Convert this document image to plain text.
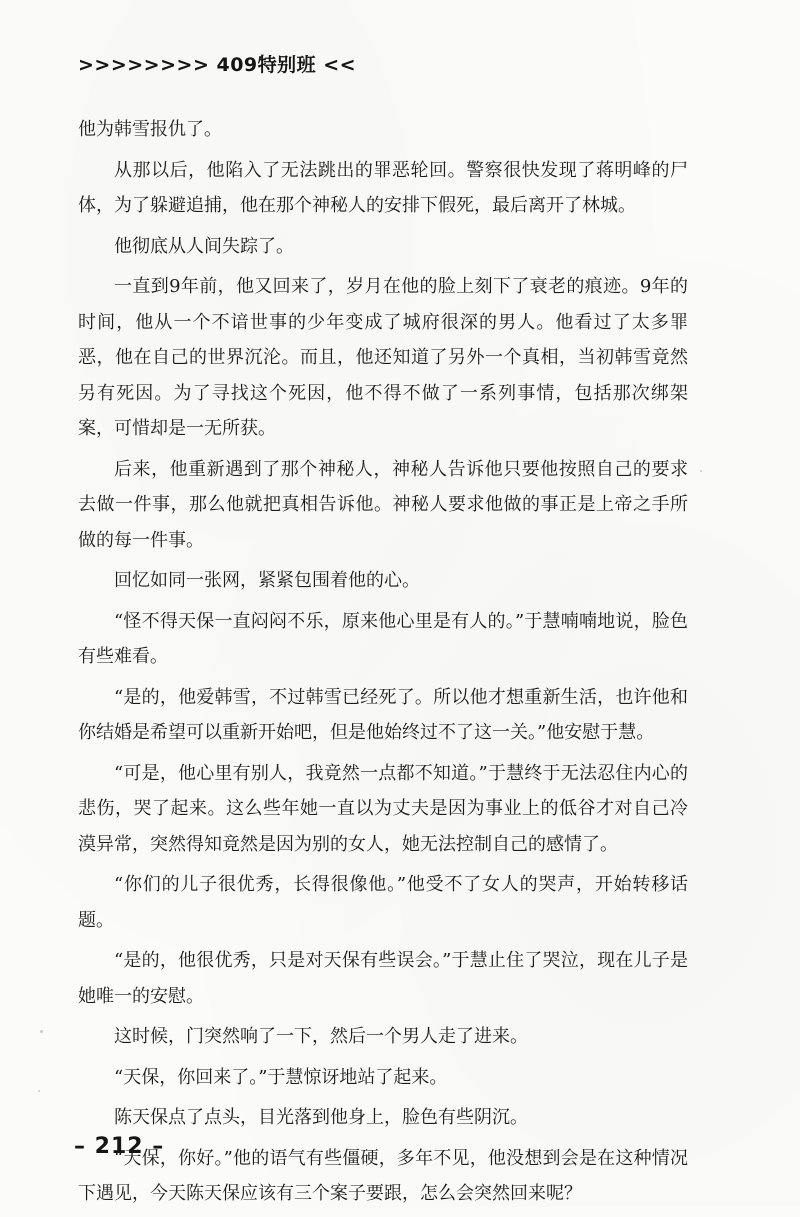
>>>>>>>> 409特别班 <<

他为韩雪报仇了。

从那以后，他陷入了无法跳出的罪恶轮回。警察很快发现了蒋明峰的尸体，为了躲避追捕，他在那个神秘人的安排下假死，最后离开了林城。

他彻底从人间失踪了。

一直到9年前，他又回来了，岁月在他的脸上刻下了衰老的痕迹。9年的时间，他从一个不谙世事的少年变成了城府很深的男人。他看过了太多罪恶，他在自己的世界沉沦。而且，他还知道了另外一个真相，当初韩雪竟然另有死因。为了寻找这个死因，他不得不做了一系列事情，包括那次绑架案，可惜却是一无所获。

后来，他重新遇到了那个神秘人，神秘人告诉他只要他按照自己的要求去做一件事，那么他就把真相告诉他。神秘人要求他做的事正是上帝之手所做的每一件事。

回忆如同一张网，紧紧包围着他的心。

“怪不得天保一直闷闷不乐，原来他心里是有人的。”于慧喃喃地说，脸色有些难看。

“是的，他爱韩雪，不过韩雪已经死了。所以他才想重新生活，也许他和你结婚是希望可以重新开始吧，但是他始终过不了这一关。”他安慰于慧。

“可是，他心里有别人，我竟然一点都不知道。”于慧终于无法忍住内心的悲伤，哭了起来。这么些年她一直以为丈夫是因为事业上的低谷才对自己冷漠异常，突然得知竟然是因为别的女人，她无法控制自己的感情了。

“你们的儿子很优秀，长得很像他。”他受不了女人的哭声，开始转移话题。

“是的，他很优秀，只是对天保有些误会。”于慧止住了哭泣，现在儿子是她唯一的安慰。

这时候，门突然响了一下，然后一个男人走了进来。

“天保，你回来了。”于慧惊讶地站了起来。

陈天保点了点头，目光落到他身上，脸色有些阴沉。

“天保，你好。”他的语气有些僵硬，多年不见，他没想到会是在这种情况下遇见，今天陈天保应该有三个案子要跟，怎么会突然回来呢？

– 212 –
